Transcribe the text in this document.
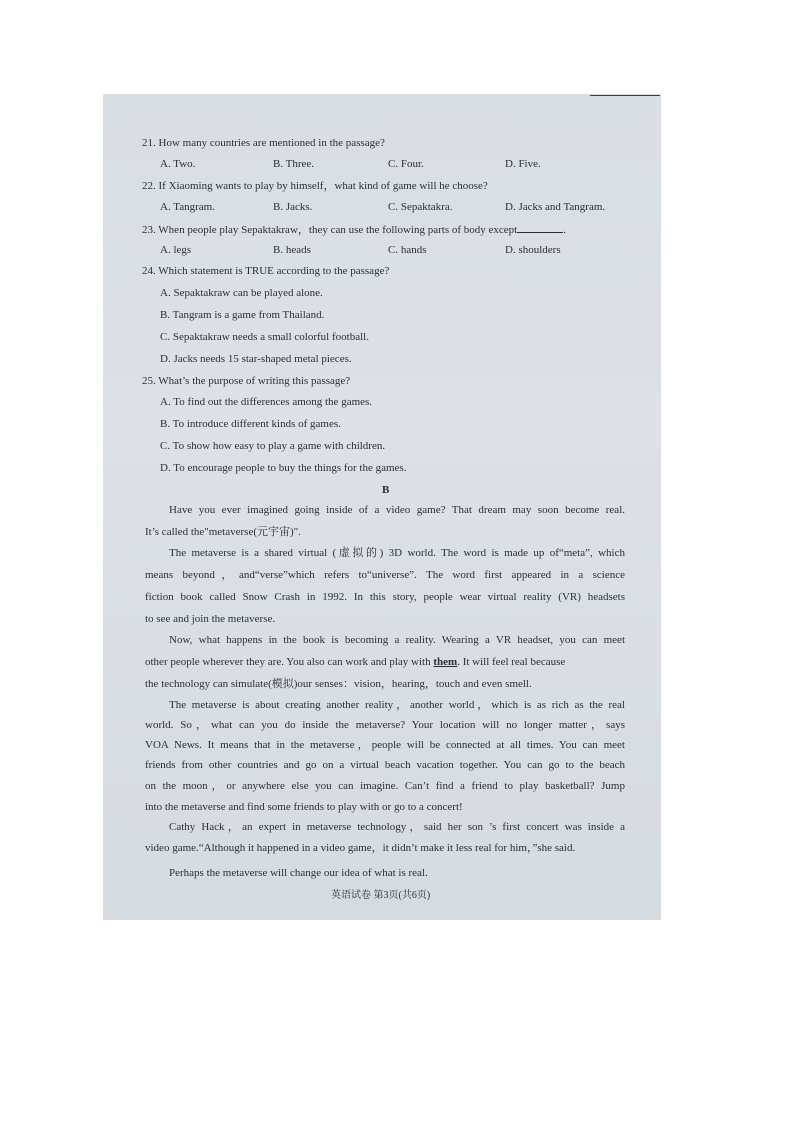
21. How many countries are mentioned in the passage?
A. Two.	B. Three.	C. Four.	D. Five.
22. If Xiaoming wants to play by himself，what kind of game will he choose?
A. Tangram.	B. Jacks.	C. Sepaktakra.	D. Jacks and Tangram.
23. When people play Sepaktakraw，they can use the following parts of body except	.
A. legs	B. heads	C. hands	D. shoulders
24. Which statement is TRUE according to the passage?
A. Sepaktakraw can be played alone.
B. Tangram is a game from Thailand.
C. Sepaktakraw needs a small colorful football.
D. Jacks needs 15 star-shaped metal pieces.
25. What’s the purpose of writing this passage?
A. To find out the differences among the games.
B. To introduce different kinds of games.
C. To show how easy to play a game with children.
D. To encourage people to buy the things for the games.
B
Have you ever imagined going inside of a video game? That dream may soon become real.
It’s called the"metaverse(元宇宙)".
The metaverse is a shared virtual (虚拟的) 3D world. The word is made up of“meta”, which
means beyond，and“verse”which refers to“universe”. The word first appeared in a science
fiction book called Snow Crash in 1992. In this story, people wear virtual reality (VR) headsets
to see and join the metaverse.
Now, what happens in the book is becoming a reality. Wearing a VR headset, you can meet
other people wherever they are. You also can work and play with them. It will feel real because
the technology can simulate(模拟)our senses：vision，hearing，touch and even smell.
The metaverse is about creating another reality，another world，which is as rich as the real
world. So，what can you do inside the metaverse? Your location will no longer matter，says
VOA News. It means that in the metaverse，people will be connected at all times. You can meet
friends from other countries and go on a virtual beach vacation together. You can go to the beach
on the moon，or anywhere else you can imagine. Can’t find a friend to play basketball? Jump
into the metaverse and find some friends to play with or go to a concert!
Cathy Hack，an expert in metaverse technology，said her son ’s first concert was inside a
video game.“Although it happened in a video game，it didn’t make it less real for him，”she said.
Perhaps the metaverse will change our idea of what is real.
英语试卷 第3页(共6页)
